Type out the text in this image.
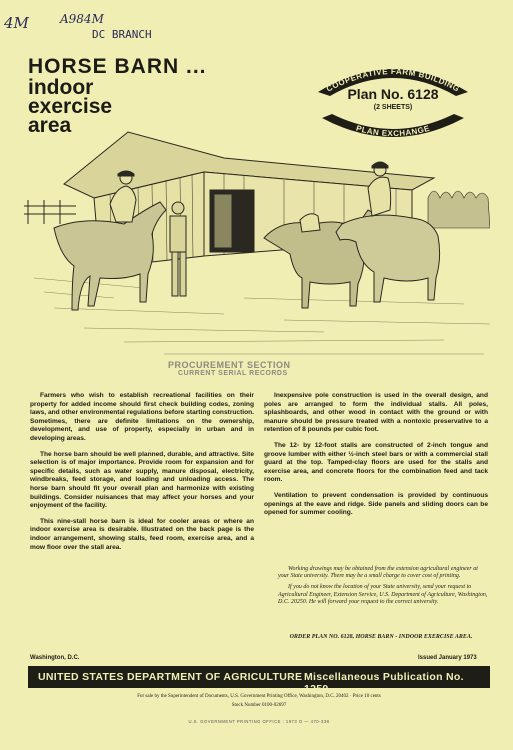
4M	A984M
DC BRANCH
HORSE BARN ...
indoor
exercise
area
COOPERATIVE FARM BUILDING
PLAN EXCHANGE
Plan No. 6128
(2 SHEETS)
PROCUREMENT SECTION
CURRENT SERIAL RECORDS

Farmers who wish to establish recreational facilities on their property for added income should first check building codes, zoning laws, and other environmental regulations before starting construction. Sometimes, there are definite limitations on the ownership, development, and use of property, especially in urban and in developing areas.

The horse barn should be well planned, durable, and attractive. Site selection is of major importance. Provide room for expansion and for specific details, such as water supply, manure disposal, electricity, windbreaks, feed storage, and loading and unloading access. The horse barn should fit your overall plan and harmonize with existing buildings. Consider nuisances that may affect your horses and your enjoyment of the facility.

This nine-stall horse barn is ideal for cooler areas or where an indoor exercise area is desirable. Illustrated on the back page is the indoor arrangement, showing stalls, feed room, exercise area, and a mow floor over the stall area.

Inexpensive pole construction is used in the overall design, and poles are arranged to form the individual stalls. All poles, splashboards, and other wood in contact with the ground or with manure should be pressure treated with a nontoxic preservative to a retention of 8 pounds per cubic foot.

The 12- by 12-foot stalls are constructed of 2-inch tongue and groove lumber with either ½-inch steel bars or with a commercial stall guard at the top. Tamped-clay floors are used for the stalls and exercise area, and concrete floors for the combination feed and tack room.

Ventilation to prevent condensation is provided by continuous openings at the eave and ridge. Side panels and sliding doors can be opened for summer cooling.

Working drawings may be obtained from the extension agricultural engineer at your State university. There may be a small charge to cover cost of printing.

If you do not know the location of your State university, send your request to Agricultural Engineer, Extension Service, U.S. Department of Agriculture, Washington, D.C. 20250. He will forward your request to the correct university.

ORDER PLAN NO. 6128, HORSE BARN - INDOOR EXERCISE AREA.
Washington, D.C.	Issued January 1973
UNITED STATES DEPARTMENT OF AGRICULTURE Miscellaneous Publication No. 1259
For sale by the Superintendent of Documents, U.S. Government Printing Office, Washington, D.C. 20402 · Price 10 cents
Stock Number 0100-02697
U.S. GOVERNMENT PRINTING OFFICE : 1973 O — 470-338
